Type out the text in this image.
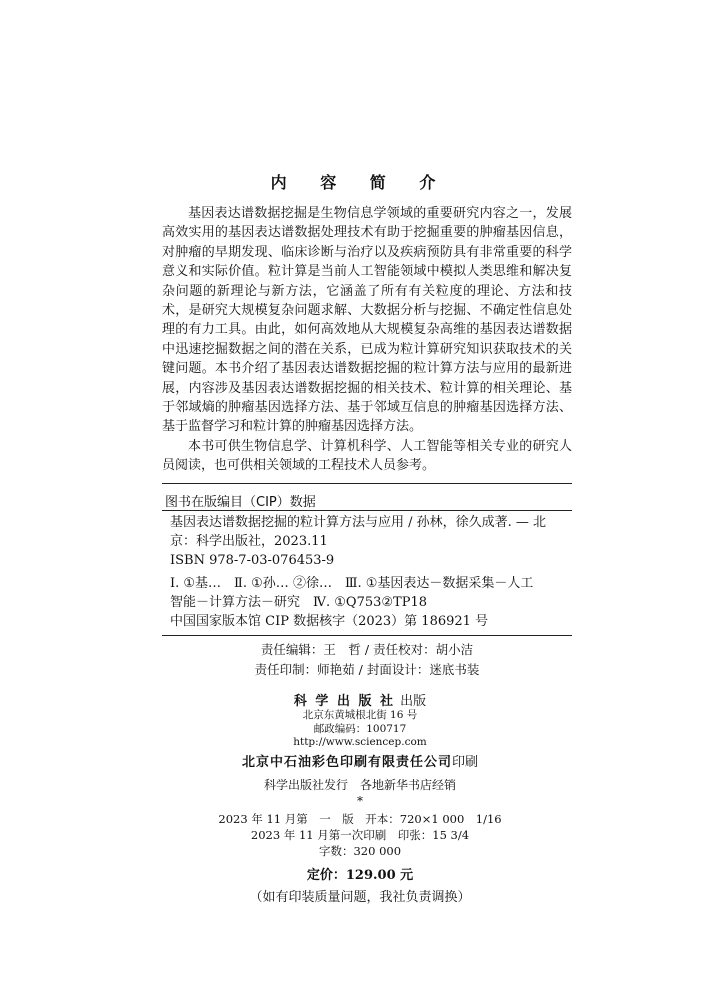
内 容 简 介

基因表达谱数据挖掘是生物信息学领域的重要研究内容之一，发展高效实用的基因表达谱数据处理技术有助于挖掘重要的肿瘤基因信息，对肿瘤的早期发现、临床诊断与治疗以及疾病预防具有非常重要的科学意义和实际价值。粒计算是当前人工智能领域中模拟人类思维和解决复杂问题的新理论与新方法，它涵盖了所有有关粒度的理论、方法和技术，是研究大规模复杂问题求解、大数据分析与挖掘、不确定性信息处理的有力工具。由此，如何高效地从大规模复杂高维的基因表达谱数据中迅速挖掘数据之间的潜在关系，已成为粒计算研究知识获取技术的关键问题。本书介绍了基因表达谱数据挖掘的粒计算方法与应用的最新进展，内容涉及基因表达谱数据挖掘的相关技术、粒计算的相关理论、基于邻域熵的肿瘤基因选择方法、基于邻域互信息的肿瘤基因选择方法、基于监督学习和粒计算的肿瘤基因选择方法。

本书可供生物信息学、计算机科学、人工智能等相关专业的研究人员阅读，也可供相关领域的工程技术人员参考。

图书在版编目（CIP）数据
基因表达谱数据挖掘的粒计算方法与应用 / 孙林，徐久成著. — 北
京：科学出版社，2023.11
ISBN 978-7-03-076453-9
Ⅰ. ①基…　Ⅱ. ①孙… ②徐…　Ⅲ. ①基因表达－数据采集－人工
智能－计算方法－研究　Ⅳ. ①Q753②TP18
中国国家版本馆 CIP 数据核字（2023）第 186921 号
责任编辑：王　哲 / 责任校对：胡小洁
责任印制：师艳茹 / 封面设计：迷底书装
科 学 出 版 社 出版
北京东黄城根北街 16 号
邮政编码：100717
http://www.sciencep.com
北京中石油彩色印刷有限责任公司印刷
科学出版社发行　各地新华书店经销
*
2023 年 11 月第　一　版　开本：720×1 000　1/16
2023 年 11 月第一次印刷　印张：15 3/4
字数：320 000
定价：129.00 元
（如有印装质量问题，我社负责调换）
